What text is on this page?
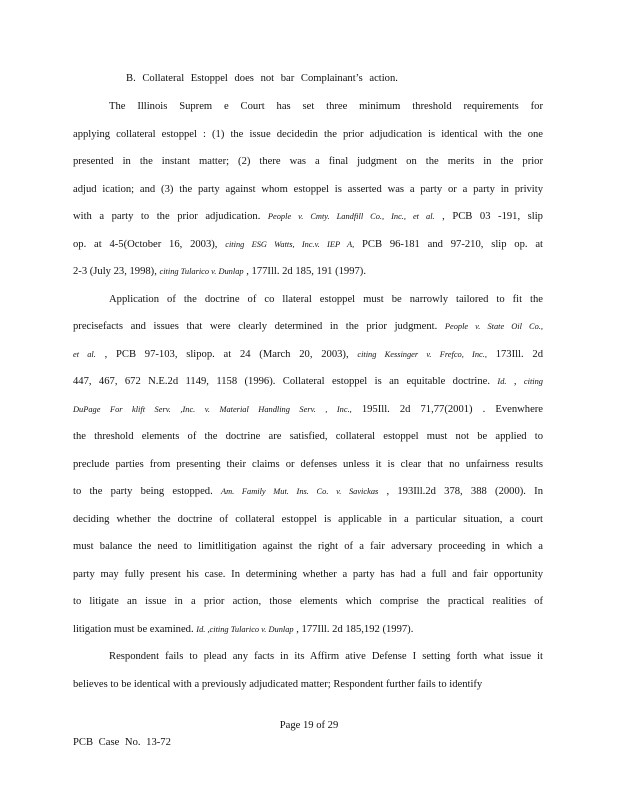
B. Collateral Estoppel does not bar Complainant’s action.
The Illinois Suprem e Court has set three minimum threshold requirements for
applying collateral estoppel : (1) the issue decidedin the prior adjudication is identical with the one
presented in the instant matter; (2) there was a final judgment on the merits in the prior
adjud ication; and (3) the party against whom estoppel is asserted was a party or a party in privity
with a party to the prior adjudication. People v. Cmty. Landfill Co., Inc., et al. , PCB 03 -191, slip
op. at 4-5(October 16, 2003), citing ESG Watts, Inc.v. IEP A, PCB 96-181 and 97-210, slip op. at
2-3 (July 23, 1998), citing Tularico v. Dunlap , 177Ill. 2d 185, 191 (1997).
Application of the doctrine of co llateral estoppel must be narrowly tailored to fit the
precisefacts and issues that were clearly determined in the prior judgment. People v. State Oil Co.,
et al. , PCB 97-103, slipop. at 24 (March 20, 2003), citing Kessinger v. Frefco, Inc., 173Ill. 2d
447, 467, 672 N.E.2d 1149, 1158 (1996). Collateral estoppel is an equitable doctrine. Id. , citing
DuPage For klift Serv. ,Inc. v. Material Handling Serv. , Inc., 195Ill. 2d 71,77(2001) . Evenwhere
the threshold elements of the doctrine are satisfied, collateral estoppel must not be applied to
preclude parties from presenting their claims or defenses unless it is clear that no unfairness results
to the party being estopped. Am. Family Mut. Ins. Co. v. Savickas , 193Ill.2d 378, 388 (2000). In
deciding whether the doctrine of collateral estoppel is applicable in a particular situation, a court
must balance the need to limitlitigation against the right of a fair adversary proceeding in which a
party may fully present his case. In determining whether a party has had a full and fair opportunity
to litigate an issue in a prior action, those elements which comprise the practical realities of
litigation must be examined. Id. ,citing Tularico v. Dunlap , 177Ill. 2d 185,192 (1997).
Respondent fails to plead any facts in its Affirm ative Defense I setting forth what issue it
believes to be identical with a previously adjudicated matter; Respondent further fails to identify
Page 19 of 29
PCB Case No. 13-72
